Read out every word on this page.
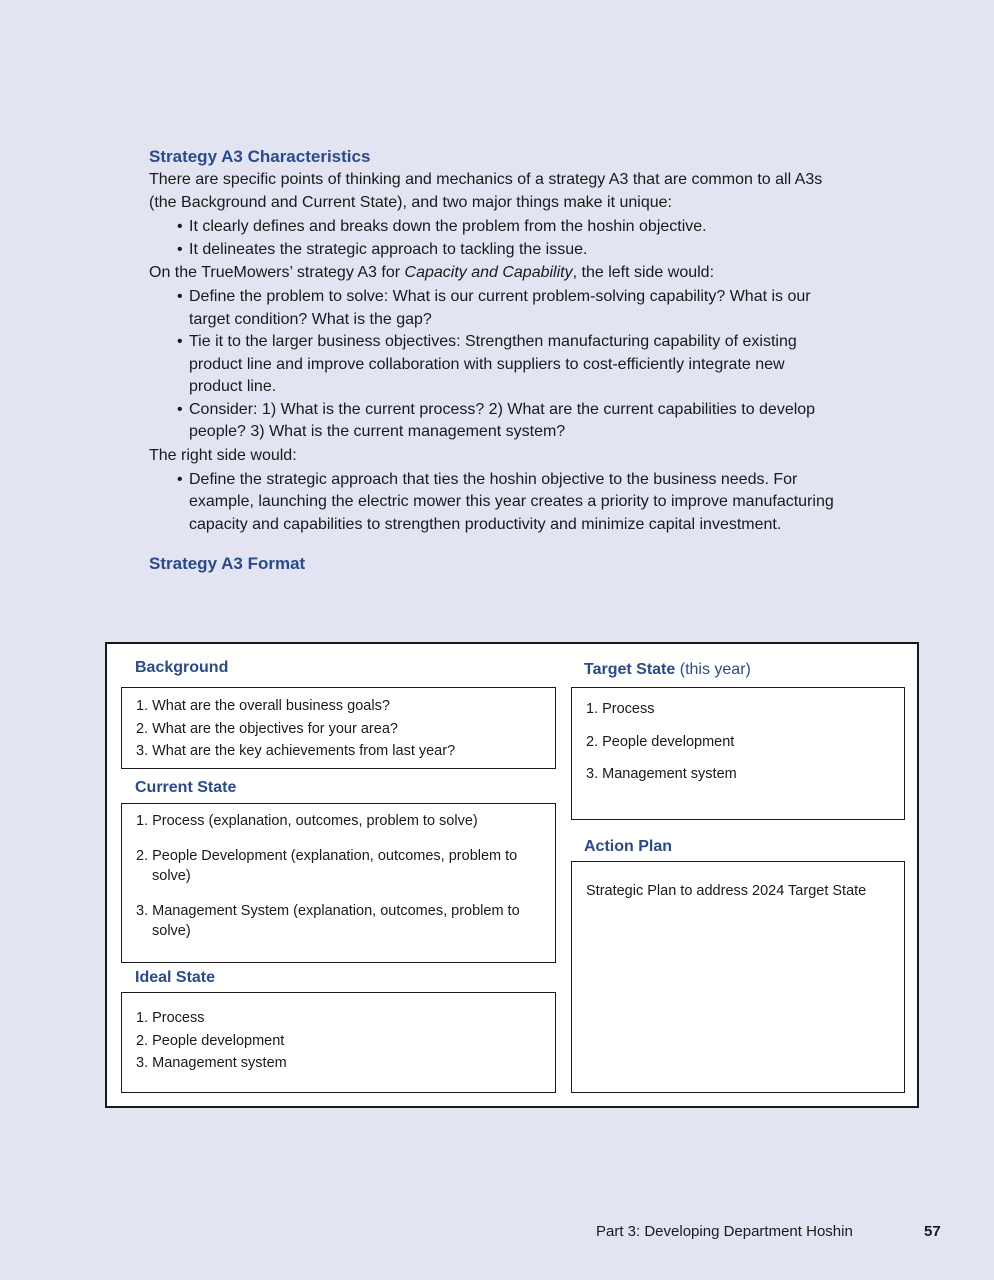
Strategy A3 Characteristics

There are specific points of thinking and mechanics of a strategy A3 that are common to all A3s (the Background and Current State), and two major things make it unique:

• It clearly defines and breaks down the problem from the hoshin objective.
• It delineates the strategic approach to tackling the issue.

On the TrueMowers’ strategy A3 for Capacity and Capability, the left side would:

• Define the problem to solve: What is our current problem-solving capability? What is our target condition? What is the gap?
• Tie it to the larger business objectives: Strengthen manufacturing capability of existing product line and improve collaboration with suppliers to cost-efficiently integrate new product line.
• Consider: 1) What is the current process? 2) What are the current capabilities to develop people? 3) What is the current management system?

The right side would:

• Define the strategic approach that ties the hoshin objective to the business needs. For example, launching the electric mower this year creates a priority to improve manufacturing capacity and capabilities to strengthen productivity and minimize capital investment.
Strategy A3 Format
Background
1. What are the overall business goals?
2. What are the objectives for your area?
3. What are the key achievements from last year?
Current State
1. Process (explanation, outcomes, problem to solve)
2. People Development (explanation, outcomes, problem to solve)
3. Management System (explanation, outcomes, problem to solve)
Ideal State
1. Process
2. People development
3. Management system
Target State (this year)
1. Process
2. People development
3. Management system
Action Plan
Strategic Plan to address 2024 Target State
Part 3: Developing Department Hoshin	57
